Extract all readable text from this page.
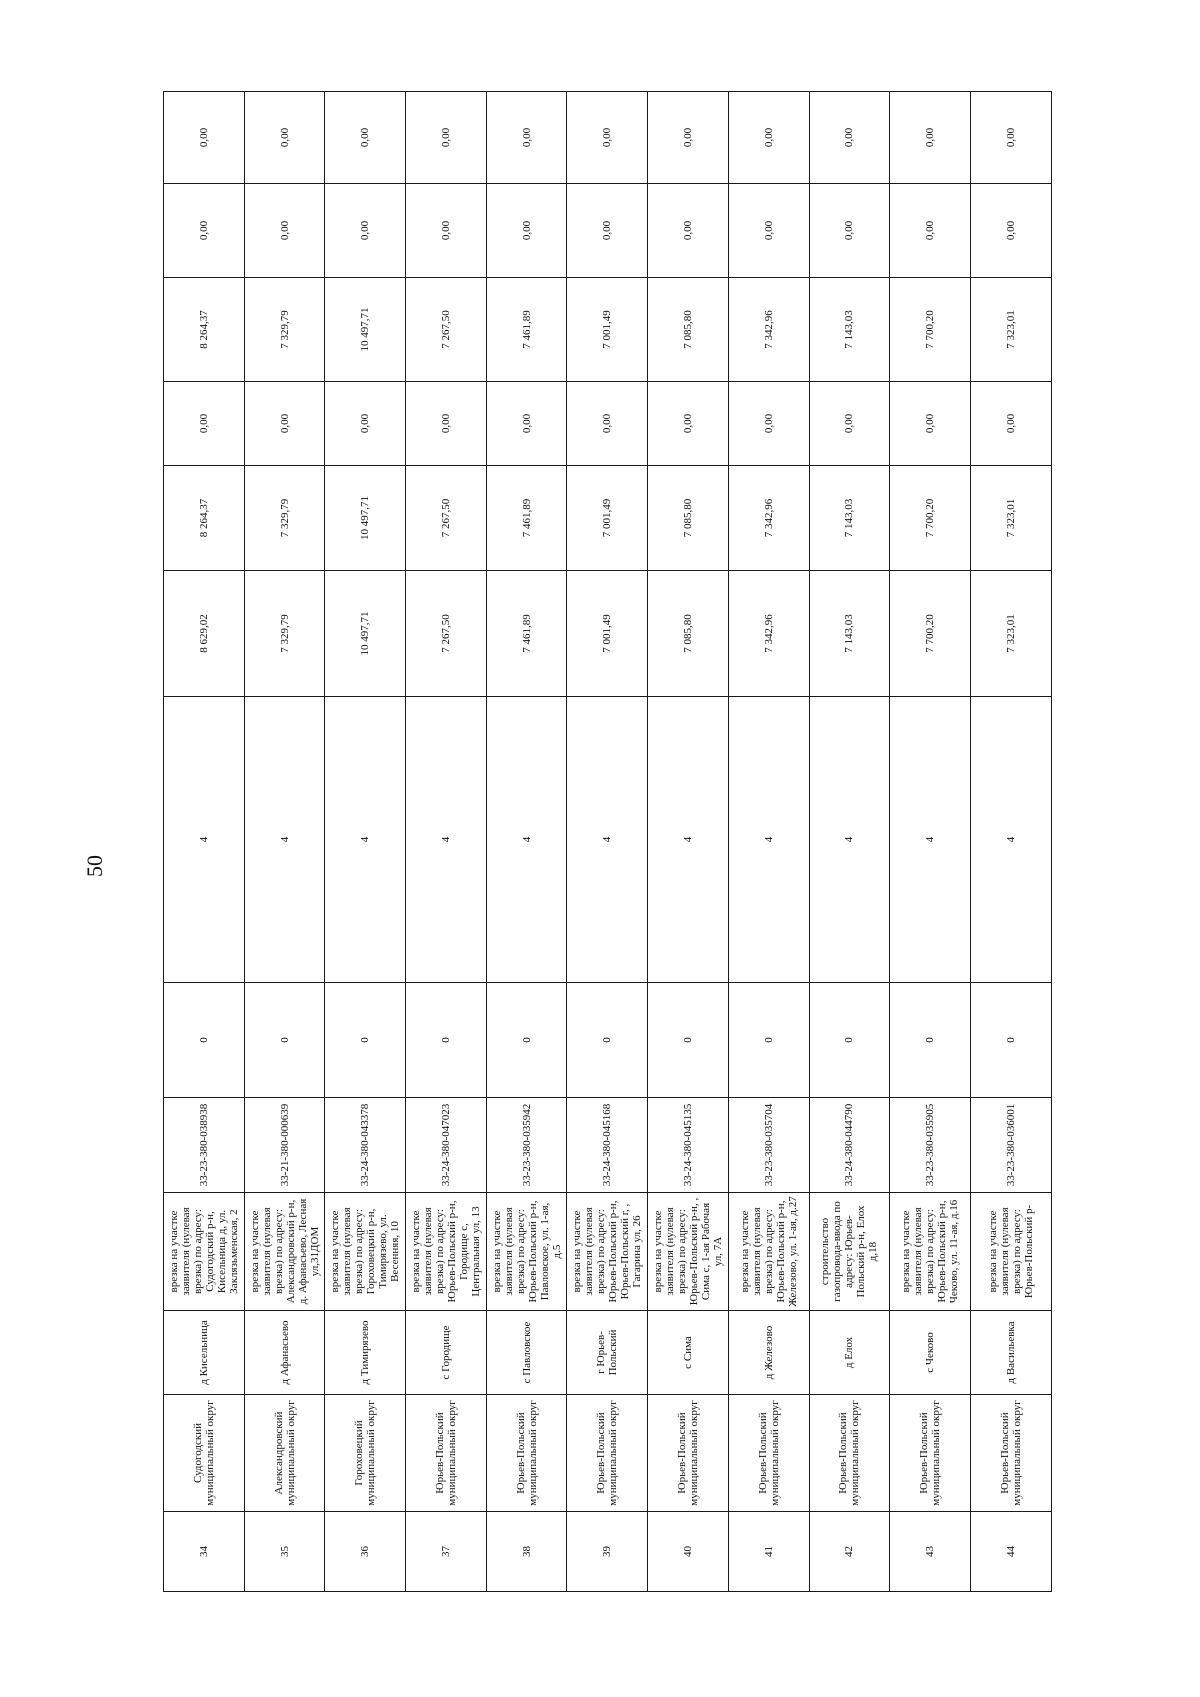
50
34	Судогодский муниципальный округ	д Кисельница	врезка на участке заявителя (нулевая врезка) по адресу: Судогодский р-н, Кисельница д, ул. Заклязьменская, 2	33-23-380-038938	0	4	8 629,02	8 264,37	0,00	8 264,37	0,00	0,00
35	Александровский муниципальный округ	д Афанасьево	врезка на участке заявителя (нулевая врезка) по адресу: Александровский р-н, д. Афанасьево, Лесная ул,31ДОМ	33-21-380-000639	0	4	7 329,79	7 329,79	0,00	7 329,79	0,00	0,00
36	Гороховецкий муниципальный округ	д Тимирязево	врезка на участке заявителя (нулевая врезка) по адресу: Гороховецкий р-н, Тимирязево, ул. Весенняя, 10	33-24-380-043378	0	4	10 497,71	10 497,71	0,00	10 497,71	0,00	0,00
37	Юрьев-Польский муниципальный округ	с Городище	врезка на участке заявителя (нулевая врезка) по адресу: Юрьев-Польский р-н, Городище с, Центральная ул, 13	33-24-380-047023	0	4	7 267,50	7 267,50	0,00	7 267,50	0,00	0,00
38	Юрьев-Польский муниципальный округ	с Павловское	врезка на участке заявителя (нулевая врезка) по адресу: Юрьев-Польский р-н, Павловское, ул. 1-ая, д.5	33-23-380-035942	0	4	7 461,89	7 461,89	0,00	7 461,89	0,00	0,00
39	Юрьев-Польский муниципальный округ	г Юрьев-Польский	врезка на участке заявителя (нулевая врезка) по адресу: Юрьев-Польский р-н, Юрьев-Польский г, , Гагарина ул, 26	33-24-380-045168	0	4	7 001,49	7 001,49	0,00	7 001,49	0,00	0,00
40	Юрьев-Польский муниципальный округ	с Сима	врезка на участке заявителя (нулевая врезка) по адресу: Юрьев-Польский р-н, , Сима с, 1-ая Рабочая ул, 7А	33-24-380-045135	0	4	7 085,80	7 085,80	0,00	7 085,80	0,00	0,00
41	Юрьев-Польский муниципальный округ	д Железово	врезка на участке заявителя (нулевая врезка) по адресу: Юрьев-Польский р-н, Железово, ул. 1-ая, д.27	33-23-380-035704	0	4	7 342,96	7 342,96	0,00	7 342,96	0,00	0,00
42	Юрьев-Польский муниципальный округ	д Елох	строительство газопровода-ввода по адресу: Юрьев-Польский р-н, Елох д,18	33-24-380-044790	0	4	7 143,03	7 143,03	0,00	7 143,03	0,00	0,00
43	Юрьев-Польский муниципальный округ	с Чеково	врезка на участке заявителя (нулевая врезка) по адресу: Юрьев-Польский р-н, Чеково, ул. 11-ая, д.16	33-23-380-035905	0	4	7 700,20	7 700,20	0,00	7 700,20	0,00	0,00
44	Юрьев-Польский муниципальный округ	д Васильевка	врезка на участке заявителя (нулевая врезка) по адресу: Юрьев-Польский р-	33-23-380-036001	0	4	7 323,01	7 323,01	0,00	7 323,01	0,00	0,00
